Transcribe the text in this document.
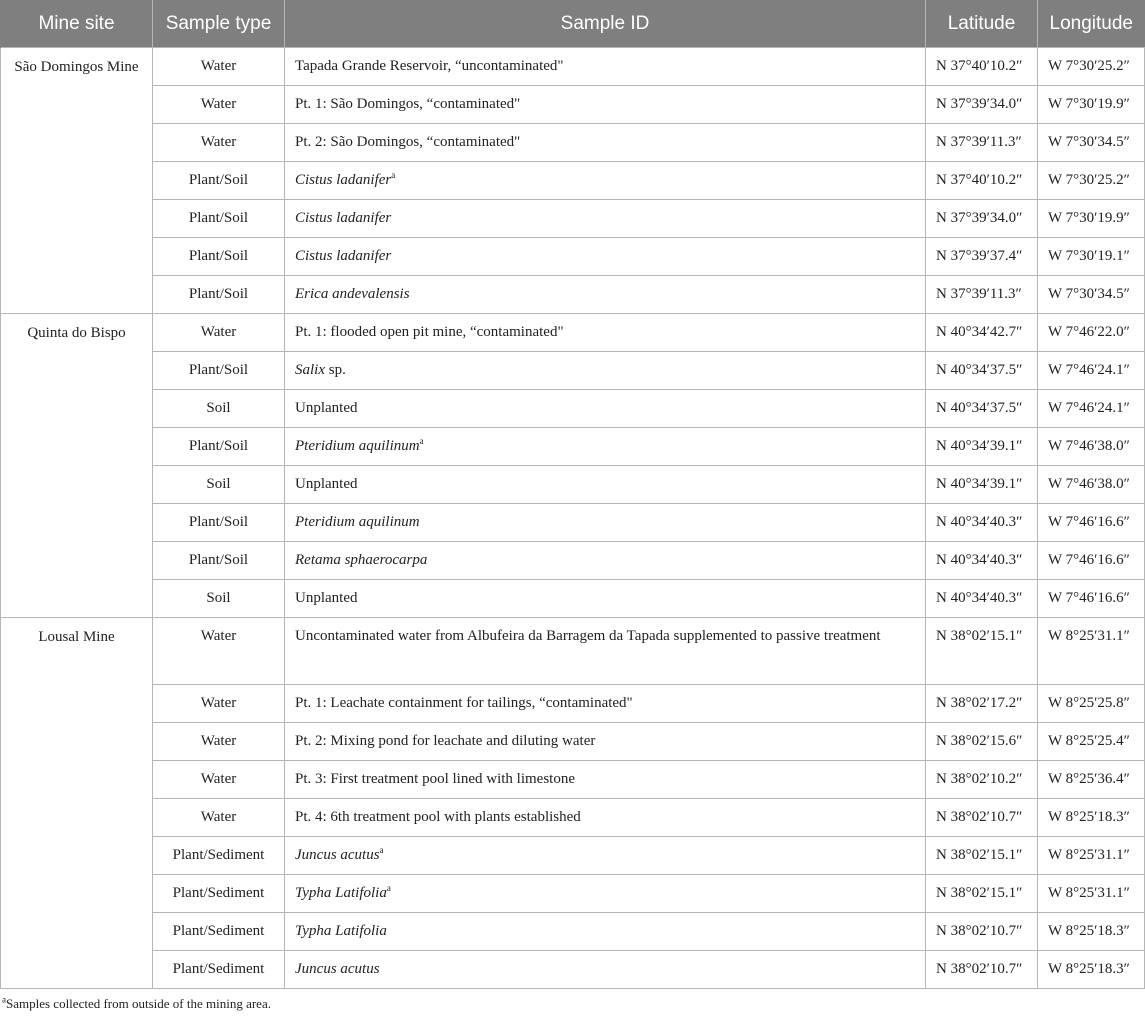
Mine site	Sample type	Sample ID	Latitude	Longitude
São Domingos Mine	Water	Tapada Grande Reservoir, “uncontaminated"	N 37°40′10.2″	W 7°30′25.2″
	Water	Pt. 1: São Domingos, “contaminated"	N 37°39′34.0″	W 7°30′19.9″
	Water	Pt. 2: São Domingos, “contaminated"	N 37°39′11.3″	W 7°30′34.5″
	Plant/Soil	Cistus ladanifer$^a$	N 37°40′10.2″	W 7°30′25.2″
	Plant/Soil	Cistus ladanifer	N 37°39′34.0″	W 7°30′19.9″
	Plant/Soil	Cistus ladanifer	N 37°39′37.4″	W 7°30′19.1″
	Plant/Soil	Erica andevalensis	N 37°39′11.3″	W 7°30′34.5″
Quinta do Bispo	Water	Pt. 1: flooded open pit mine, “contaminated"	N 40°34′42.7″	W 7°46′22.0″
	Plant/Soil	Salix sp.	N 40°34′37.5″	W 7°46′24.1″
	Soil	Unplanted	N 40°34′37.5″	W 7°46′24.1″
	Plant/Soil	Pteridium aquilinum$^a$	N 40°34′39.1″	W 7°46′38.0″
	Soil	Unplanted	N 40°34′39.1″	W 7°46′38.0″
	Plant/Soil	Pteridium aquilinum	N 40°34′40.3″	W 7°46′16.6″
	Plant/Soil	Retama sphaerocarpa	N 40°34′40.3″	W 7°46′16.6″
	Soil	Unplanted	N 40°34′40.3″	W 7°46′16.6″
Lousal Mine	Water	Uncontaminated water from Albufeira da Barragem da Tapada supplemented to passive treatment	N 38°02′15.1″	W 8°25′31.1″
	Water	Pt. 1: Leachate containment for tailings, “contaminated"	N 38°02′17.2″	W 8°25′25.8″
	Water	Pt. 2: Mixing pond for leachate and diluting water	N 38°02′15.6″	W 8°25′25.4″
	Water	Pt. 3: First treatment pool lined with limestone	N 38°02′10.2″	W 8°25′36.4″
	Water	Pt. 4: 6th treatment pool with plants established	N 38°02′10.7″	W 8°25′18.3″
	Plant/Sediment	Juncus acutus$^a$	N 38°02′15.1″	W 8°25′31.1″
	Plant/Sediment	Typha Latifolia$^a$	N 38°02′15.1″	W 8°25′31.1″
	Plant/Sediment	Typha Latifolia	N 38°02′10.7″	W 8°25′18.3″
	Plant/Sediment	Juncus acutus	N 38°02′10.7″	W 8°25′18.3″
$^a$Samples collected from outside of the mining area.
